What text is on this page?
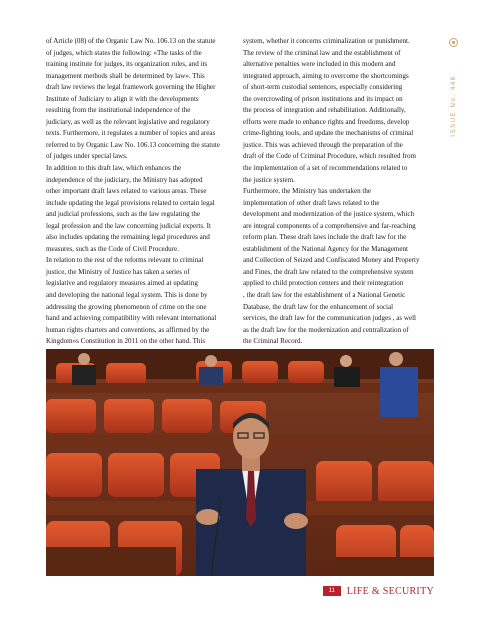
of Article (08) of the Organic Law No. 106.13 on the statute

of judges, which states the following: «The tasks of the

training institute for judges, its organization rules, and its

management methods shall be determined by law». This

draft law reviews the legal framework governing the Higher

Institute of Judiciary to align it with the developments

resulting from the institutional independence of the

judiciary, as well as the relevant legislative and regulatory

texts. Furthermore, it regulates a number of topics and areas

referred to by Organic Law No. 106.13 concerning the statute

of judges under special laws.

In addition to this draft law, which enhances the

independence of the judiciary, the Ministry has adopted

other important draft laws related to various areas. These

include updating the legal provisions related to certain legal

and judicial professions, such as the law regulating the

legal profession and the law concerning judicial experts. It

also includes updating the remaining legal procedures and

measures, such as the Code of Civil Procedure.

In relation to the rest of the reforms relevant to criminal

justice, the Ministry of Justice has taken a series of

legislative and regulatory measures aimed at updating

and developing the national legal system. This is done by

addressing the growing phenomenon of crime on the one

hand and achieving compatibility with relevant international

human rights charters and conventions, as affirmed by the

Kingdom»s Constitution in 2011 on the other hand. This

system, whether it concerns criminalization or punishment.

The review of the criminal law and the establishment of

alternative penalties were included in this modern and

integrated approach, aiming to overcome the shortcomings

of short-term custodial sentences, especially considering

the overcrowding of prison institutions and its impact on

the process of integration and rehabilitation. Additionally,

efforts were made to enhance rights and freedoms, develop

crime-fighting tools, and update the mechanisms of criminal

justice. This was achieved through the preparation of the

draft of the Code of Criminal Procedure, which resulted from

the implementation of a set of recommendations related to

the justice system.

Furthermore, the Ministry has undertaken the

implementation of other draft laws related to the

development and modernization of the justice system, which

are integral components of a comprehensive and far-reaching

reform plan. These draft laws include the draft law for the

establishment of the National Agency for the Management

and Collection of Seized and Confiscated Money and Property

and Fines, the draft law related to the comprehensive system

applied to child protection centers and their reintegration

, the draft law for the establishment of a National Genetic

Database, the draft law for the enhancement of social

services, the draft law for the communication judges , as well

as the draft law for the modernization and centralization of

the Criminal Record.

ISSUE No. 446
11	LIFE & SECURITY
